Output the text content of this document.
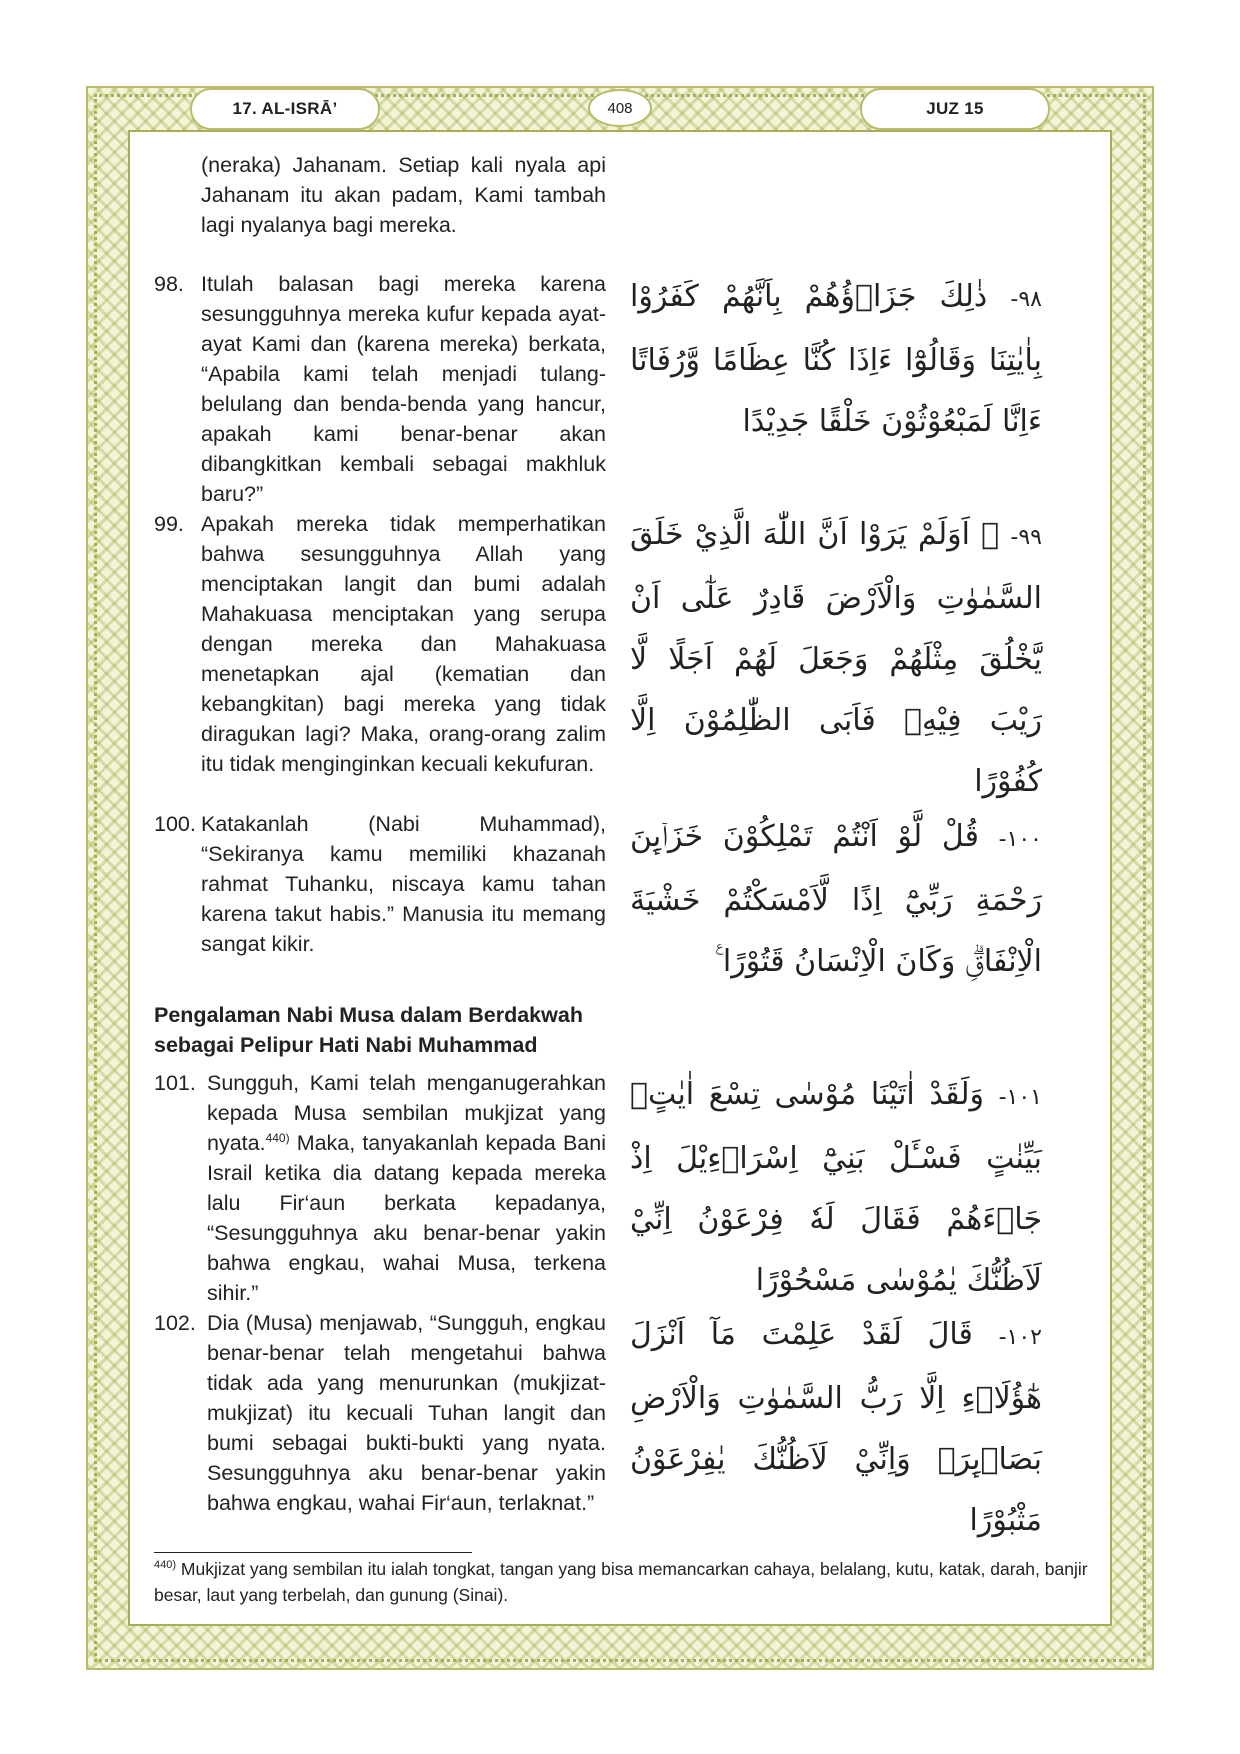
17. AL-ISRĀ’	408	JUZ 15
(neraka) Jahanam. Setiap kali nyala api Jahanam itu akan padam, Kami tambah lagi nyalanya bagi mereka.
98. Itulah balasan bagi mereka karena sesungguhnya mereka kufur kepada ayat-ayat Kami dan (karena mereka) berkata, “Apabila kami telah menjadi tulang-belulang dan benda-benda yang hancur, apakah kami benar-benar akan dibangkitkan kembali sebagai makhluk baru?”
٩٨- ذٰلِكَ جَزَاۤؤُهُمْ بِاَنَّهُمْ كَفَرُوْا بِاٰيٰتِنَا وَقَالُوْٓا ءَاِذَا كُنَّا عِظَامًا وَّرُفَاتًا ءَاِنَّا لَمَبْعُوْثُوْنَ خَلْقًا جَدِيْدًا
99. Apakah mereka tidak memperhatikan bahwa sesungguhnya Allah yang menciptakan langit dan bumi adalah Mahakuasa menciptakan yang serupa dengan mereka dan Mahakuasa menetapkan ajal (kematian dan kebangkitan) bagi mereka yang tidak diragukan lagi? Maka, orang-orang zalim itu tidak menginginkan kecuali kekufuran.
٩٩- ۞ اَوَلَمْ يَرَوْا اَنَّ اللّٰهَ الَّذِيْ خَلَقَ السَّمٰوٰتِ وَالْاَرْضَ قَادِرٌ عَلٰٓى اَنْ يَّخْلُقَ مِثْلَهُمْ وَجَعَلَ لَهُمْ اَجَلًا لَّا رَيْبَ فِيْهِۗ فَاَبَى الظّٰلِمُوْنَ اِلَّا كُفُوْرًا
100. Katakanlah (Nabi Muhammad), “Sekiranya kamu memiliki khazanah rahmat Tuhanku, niscaya kamu tahan karena takut habis.” Manusia itu memang sangat kikir.
١٠٠- قُلْ لَّوْ اَنْتُمْ تَمْلِكُوْنَ خَزَاۤىِٕنَ رَحْمَةِ رَبِّيْٓ اِذًا لَّاَمْسَكْتُمْ خَشْيَةَ الْاِنْفَاقِۗ وَكَانَ الْاِنْسَانُ قَتُوْرًا ࣖ
Pengalaman Nabi Musa dalam Berdakwah
sebagai Pelipur Hati Nabi Muhammad
101. Sungguh, Kami telah menganugerahkan kepada Musa sembilan mukjizat yang nyata.$^{440)}$ Maka, tanyakanlah kepada Bani Israil ketika dia datang kepada mereka lalu Fir‘aun berkata kepadanya, “Sesungguhnya aku benar-benar yakin bahwa engkau, wahai Musa, terkena sihir.”
١٠١- وَلَقَدْ اٰتَيْنَا مُوْسٰى تِسْعَ اٰيٰتٍۢ بَيِّنٰتٍ فَسْـَٔلْ بَنِيْٓ اِسْرَاۤءِيْلَ اِذْ جَاۤءَهُمْ فَقَالَ لَهٗ فِرْعَوْنُ اِنِّيْ لَاَظُنُّكَ يٰمُوْسٰى مَسْحُوْرًا
102. Dia (Musa) menjawab, “Sungguh, engkau benar-benar telah mengetahui bahwa tidak ada yang menurunkan (mukjizat-mukjizat) itu kecuali Tuhan langit dan bumi sebagai bukti-bukti yang nyata. Sesungguhnya aku benar-benar yakin bahwa engkau, wahai Fir‘aun, terlaknat.”
١٠٢- قَالَ لَقَدْ عَلِمْتَ مَآ اَنْزَلَ هٰٓؤُلَاۤءِ اِلَّا رَبُّ السَّمٰوٰتِ وَالْاَرْضِ بَصَاۤىِٕرَۚ وَاِنِّيْ لَاَظُنُّكَ يٰفِرْعَوْنُ مَثْبُوْرًا
$^{440)}$ Mukjizat yang sembilan itu ialah tongkat, tangan yang bisa memancarkan cahaya, belalang, kutu, katak, darah, banjir besar, laut yang terbelah, dan gunung (Sinai).
